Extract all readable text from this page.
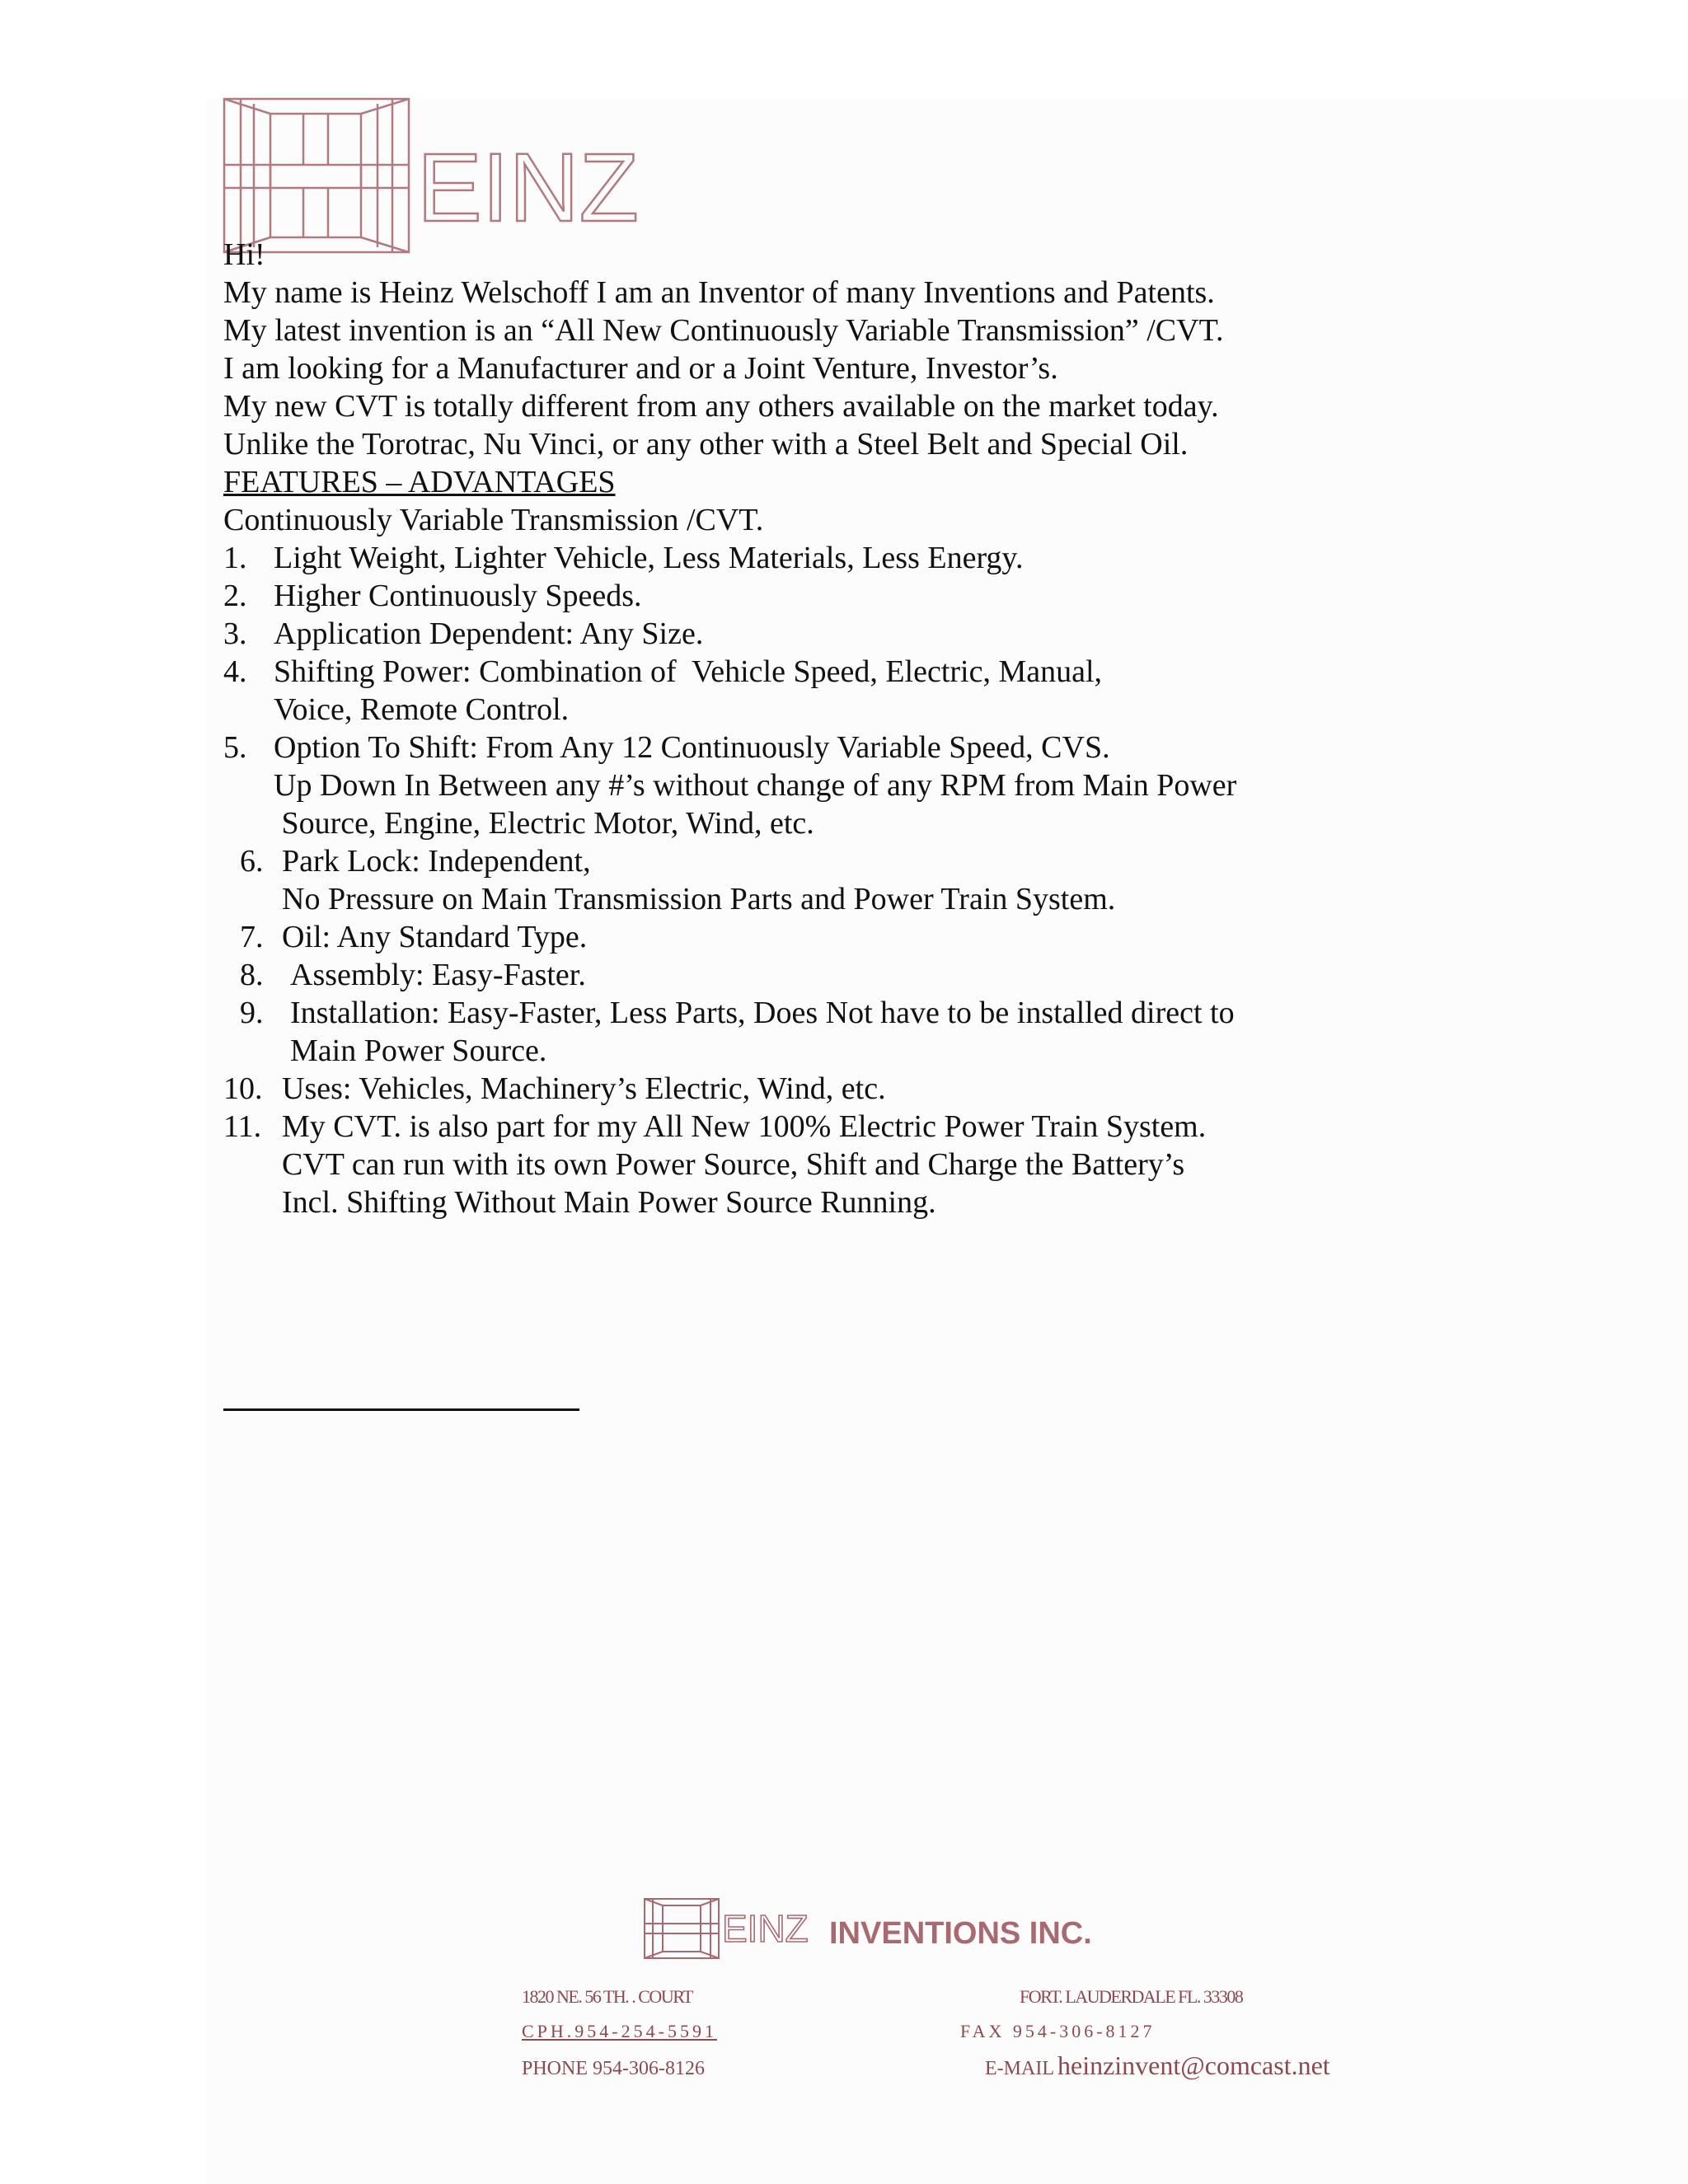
EINZ
Hi!
My name is Heinz Welschoff I am an Inventor of many Inventions and Patents.
My latest invention is an “All New Continuously Variable Transmission” /CVT.
I am looking for a Manufacturer and or a Joint Venture, Investor’s.
My new CVT is totally different from any others available on the market today.
Unlike the Torotrac, Nu Vinci, or any other with a Steel Belt and Special Oil.
FEATURES – ADVANTAGES
Continuously Variable Transmission /CVT.
1. Light Weight, Lighter Vehicle, Less Materials, Less Energy.
2. Higher Continuously Speeds.
3. Application Dependent: Any Size.
4. Shifting Power: Combination of  Vehicle Speed, Electric, Manual,
Voice, Remote Control.
5. Option To Shift: From Any 12 Continuously Variable Speed, CVS.
Up Down In Between any #’s without change of any RPM from Main Power
Source, Engine, Electric Motor, Wind, etc.
6. Park Lock: Independent,
No Pressure on Main Transmission Parts and Power Train System.
7. Oil: Any Standard Type.
8. Assembly: Easy-Faster.
9. Installation: Easy-Faster, Less Parts, Does Not have to be installed direct to
Main Power Source.
10. Uses: Vehicles, Machinery’s Electric, Wind, etc.
11. My CVT. is also part for my All New 100% Electric Power Train System.
CVT can run with its own Power Source, Shift and Charge the Battery’s
Incl. Shifting Without Main Power Source Running.
EINZ INVENTIONS INC.
1820 NE. 56 TH. . COURT	FORT. LAUDERDALE FL. 33308
CPH.954-254-5591	FAX 954-306-8127
PHONE 954-306-8126	E-MAIL heinzinvent@comcast.net
